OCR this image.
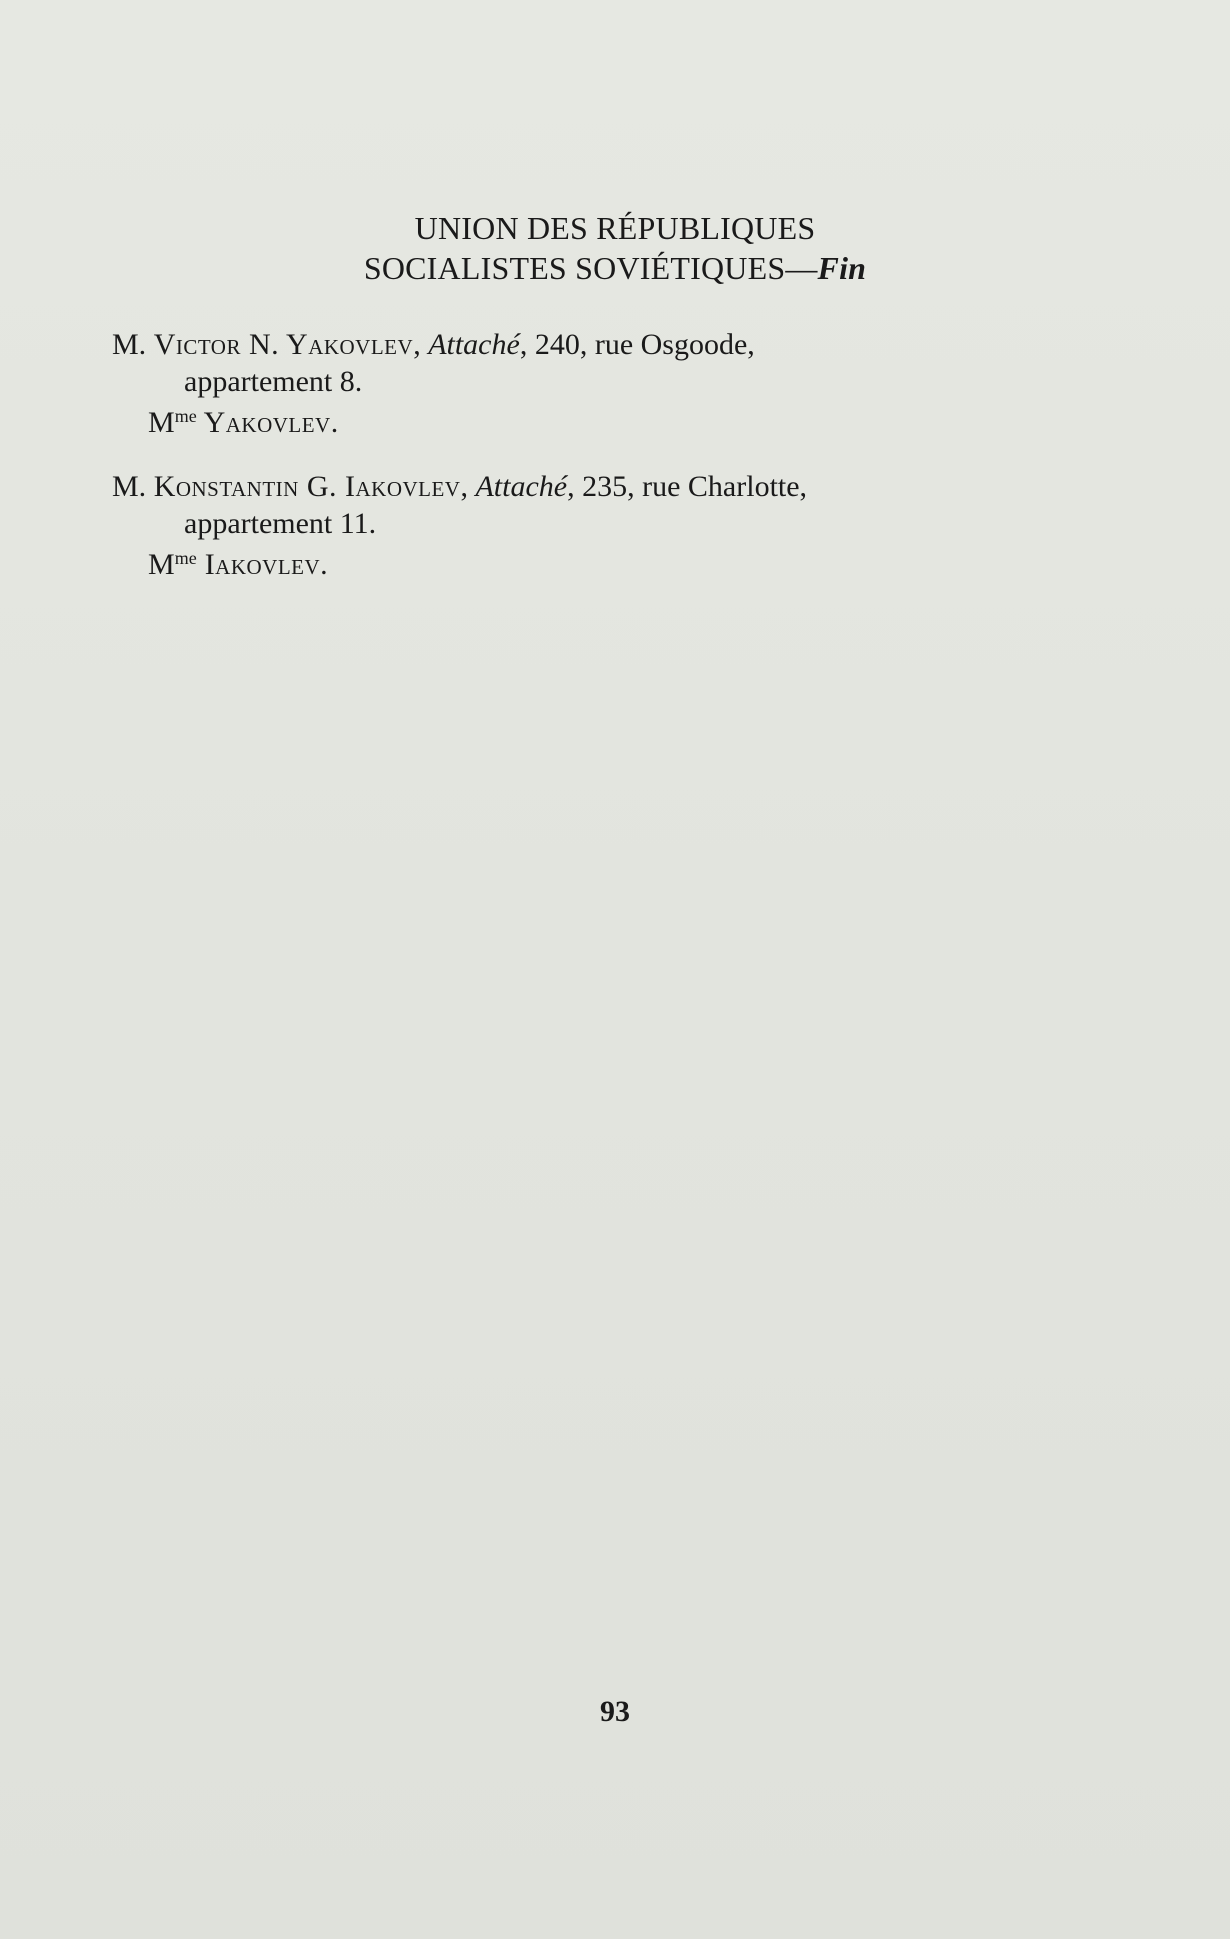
UNION DES RÉPUBLIQUES
SOCIALISTES SOVIÉTIQUES—Fin
M. Victor N. Yakovlev, Attaché, 240, rue Osgoode,
appartement 8.
$M^{me}$ Yakovlev.
M. Konstantin G. Iakovlev, Attaché, 235, rue Charlotte,
appartement 11.
$M^{me}$ Iakovlev.
93
